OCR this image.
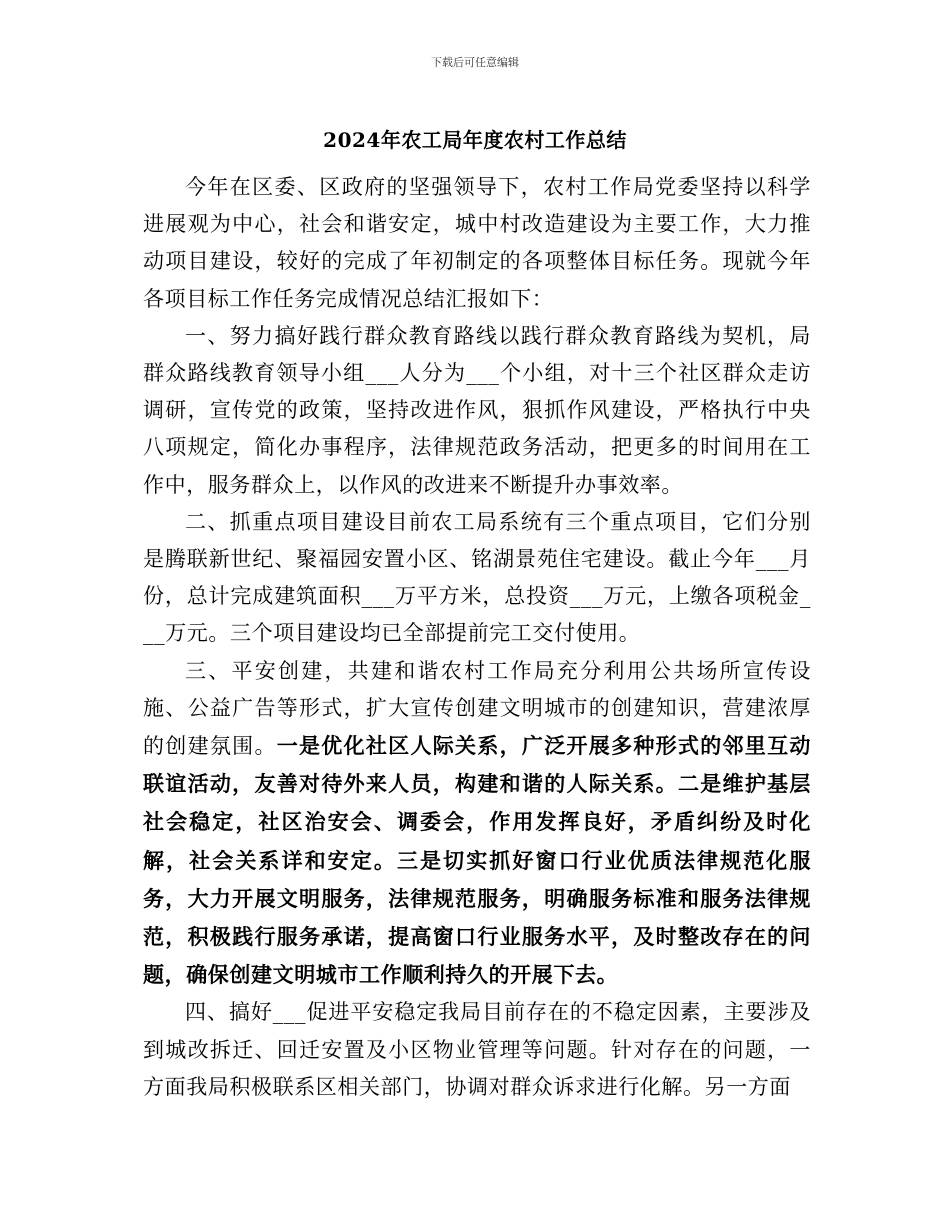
下载后可任意编辑
2024年农工局年度农村工作总结

今年在区委、区政府的坚强领导下，农村工作局党委坚持以科学进展观为中心，社会和谐安定，城中村改造建设为主要工作，大力推动项目建设，较好的完成了年初制定的各项整体目标任务。现就今年各项目标工作任务完成情况总结汇报如下：

一、努力搞好践行群众教育路线以践行群众教育路线为契机，局群众路线教育领导小组___人分为___个小组，对十三个社区群众走访调研，宣传党的政策，坚持改进作风，狠抓作风建设，严格执行中央八项规定，简化办事程序，法律规范政务活动，把更多的时间用在工作中，服务群众上，以作风的改进来不断提升办事效率。

二、抓重点项目建设目前农工局系统有三个重点项目，它们分别是腾联新世纪、聚福园安置小区、铭湖景苑住宅建设。截止今年___月份，总计完成建筑面积___万平方米，总投资___万元，上缴各项税金___万元。三个项目建设均已全部提前完工交付使用。

三、平安创建，共建和谐农村工作局充分利用公共场所宣传设施、公益广告等形式，扩大宣传创建文明城市的创建知识，营建浓厚的创建氛围。一是优化社区人际关系，广泛开展多种形式的邻里互动联谊活动，友善对待外来人员，构建和谐的人际关系。二是维护基层社会稳定，社区治安会、调委会，作用发挥良好，矛盾纠纷及时化解，社会关系详和安定。三是切实抓好窗口行业优质法律规范化服务，大力开展文明服务，法律规范服务，明确服务标准和服务法律规范，积极践行服务承诺，提高窗口行业服务水平，及时整改存在的问题，确保创建文明城市工作顺利持久的开展下去。

四、搞好___促进平安稳定我局目前存在的不稳定因素，主要涉及到城改拆迁、回迁安置及小区物业管理等问题。针对存在的问题，一方面我局积极联系区相关部门，协调对群众诉求进行化解。另一方面
